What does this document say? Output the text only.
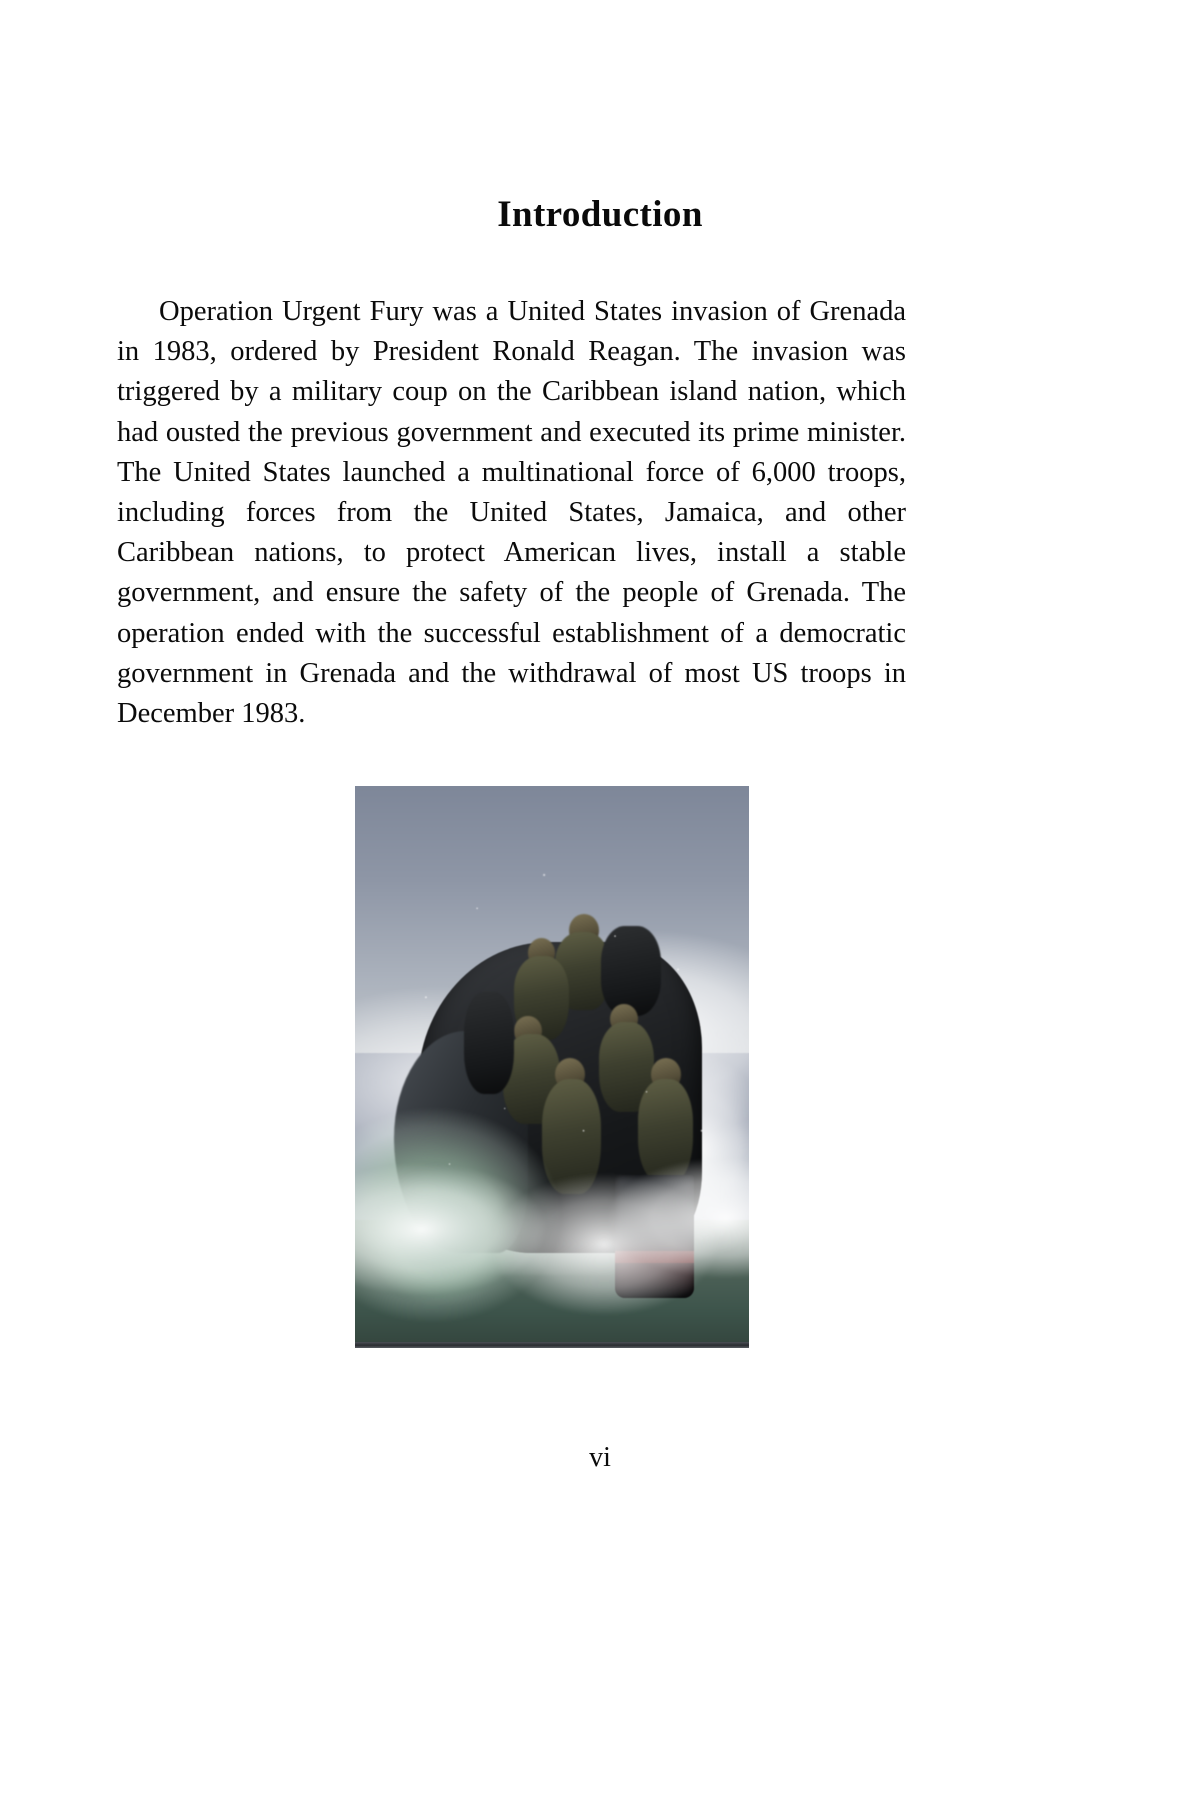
Introduction

Operation Urgent Fury was a United States invasion of Grenada in 1983, ordered by President Ronald Reagan. The invasion was triggered by a military coup on the Caribbean island nation, which had ousted the previous government and executed its prime minister. The United States launched a multinational force of 6,000 troops, including forces from the United States, Jamaica, and other Caribbean nations, to protect American lives, install a stable government, and ensure the safety of the people of Grenada. The operation ended with the successful establishment of a democratic government in Grenada and the withdrawal of most US troops in December 1983.

vi
